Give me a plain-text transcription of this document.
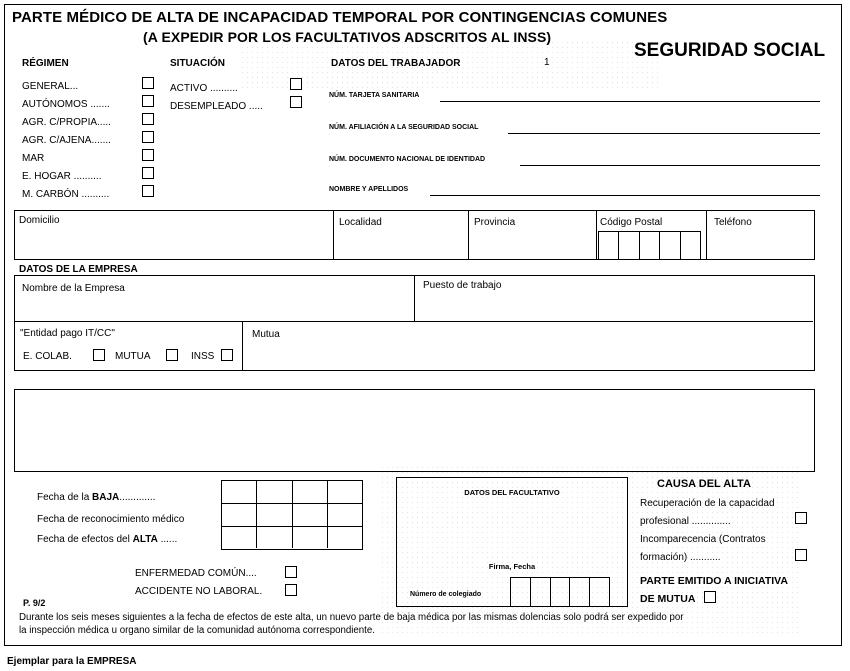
PARTE MÉDICO DE ALTA DE INCAPACIDAD TEMPORAL POR CONTINGENCIAS COMUNES
(A EXPEDIR POR LOS FACULTATIVOS ADSCRITOS AL INSS)
SEGURIDAD SOCIAL
RÉGIMEN
GENERAL...
AUTÓNOMOS .......
AGR. C/PROPIA.....
AGR. C/AJENA.......
MAR
E. HOGAR ..........
M. CARBÓN ..........
SITUACIÓN
ACTIVO ..........
DESEMPLEADO .....
DATOS DEL TRABAJADOR	1
NÚM. TARJETA SANITARIA
NÚM. AFILIACIÓN A LA SEGURIDAD SOCIAL
NÚM. DOCUMENTO NACIONAL DE IDENTIDAD
NOMBRE Y APELLIDOS
Domicilio	Localidad	Provincia	Código Postal	Teléfono
DATOS DE LA EMPRESA
Nombre de la Empresa	Puesto de trabajo
"Entidad pago IT/CC"
E. COLAB.	MUTUA	INSS
Mutua
Fecha de la BAJA.............
Fecha de reconocimiento médico
Fecha de efectos del ALTA ......
ENFERMEDAD COMÚN....
ACCIDENTE NO LABORAL.
DATOS DEL FACULTATIVO
Firma, Fecha
Número de colegiado
CAUSA DEL ALTA
Recuperación de la capacidad
profesional ..............
Incomparecencia (Contratos
formación) ...........
PARTE EMITIDO A INICIATIVA
DE MUTUA
P. 9/2
Durante los seis meses siguientes a la fecha de efectos de este alta, un nuevo parte de baja médica por las mismas dolencias solo podrá ser expedido por
la inspección médica u organo similar de la comunidad autónoma correspondiente.
Ejemplar para la EMPRESA
